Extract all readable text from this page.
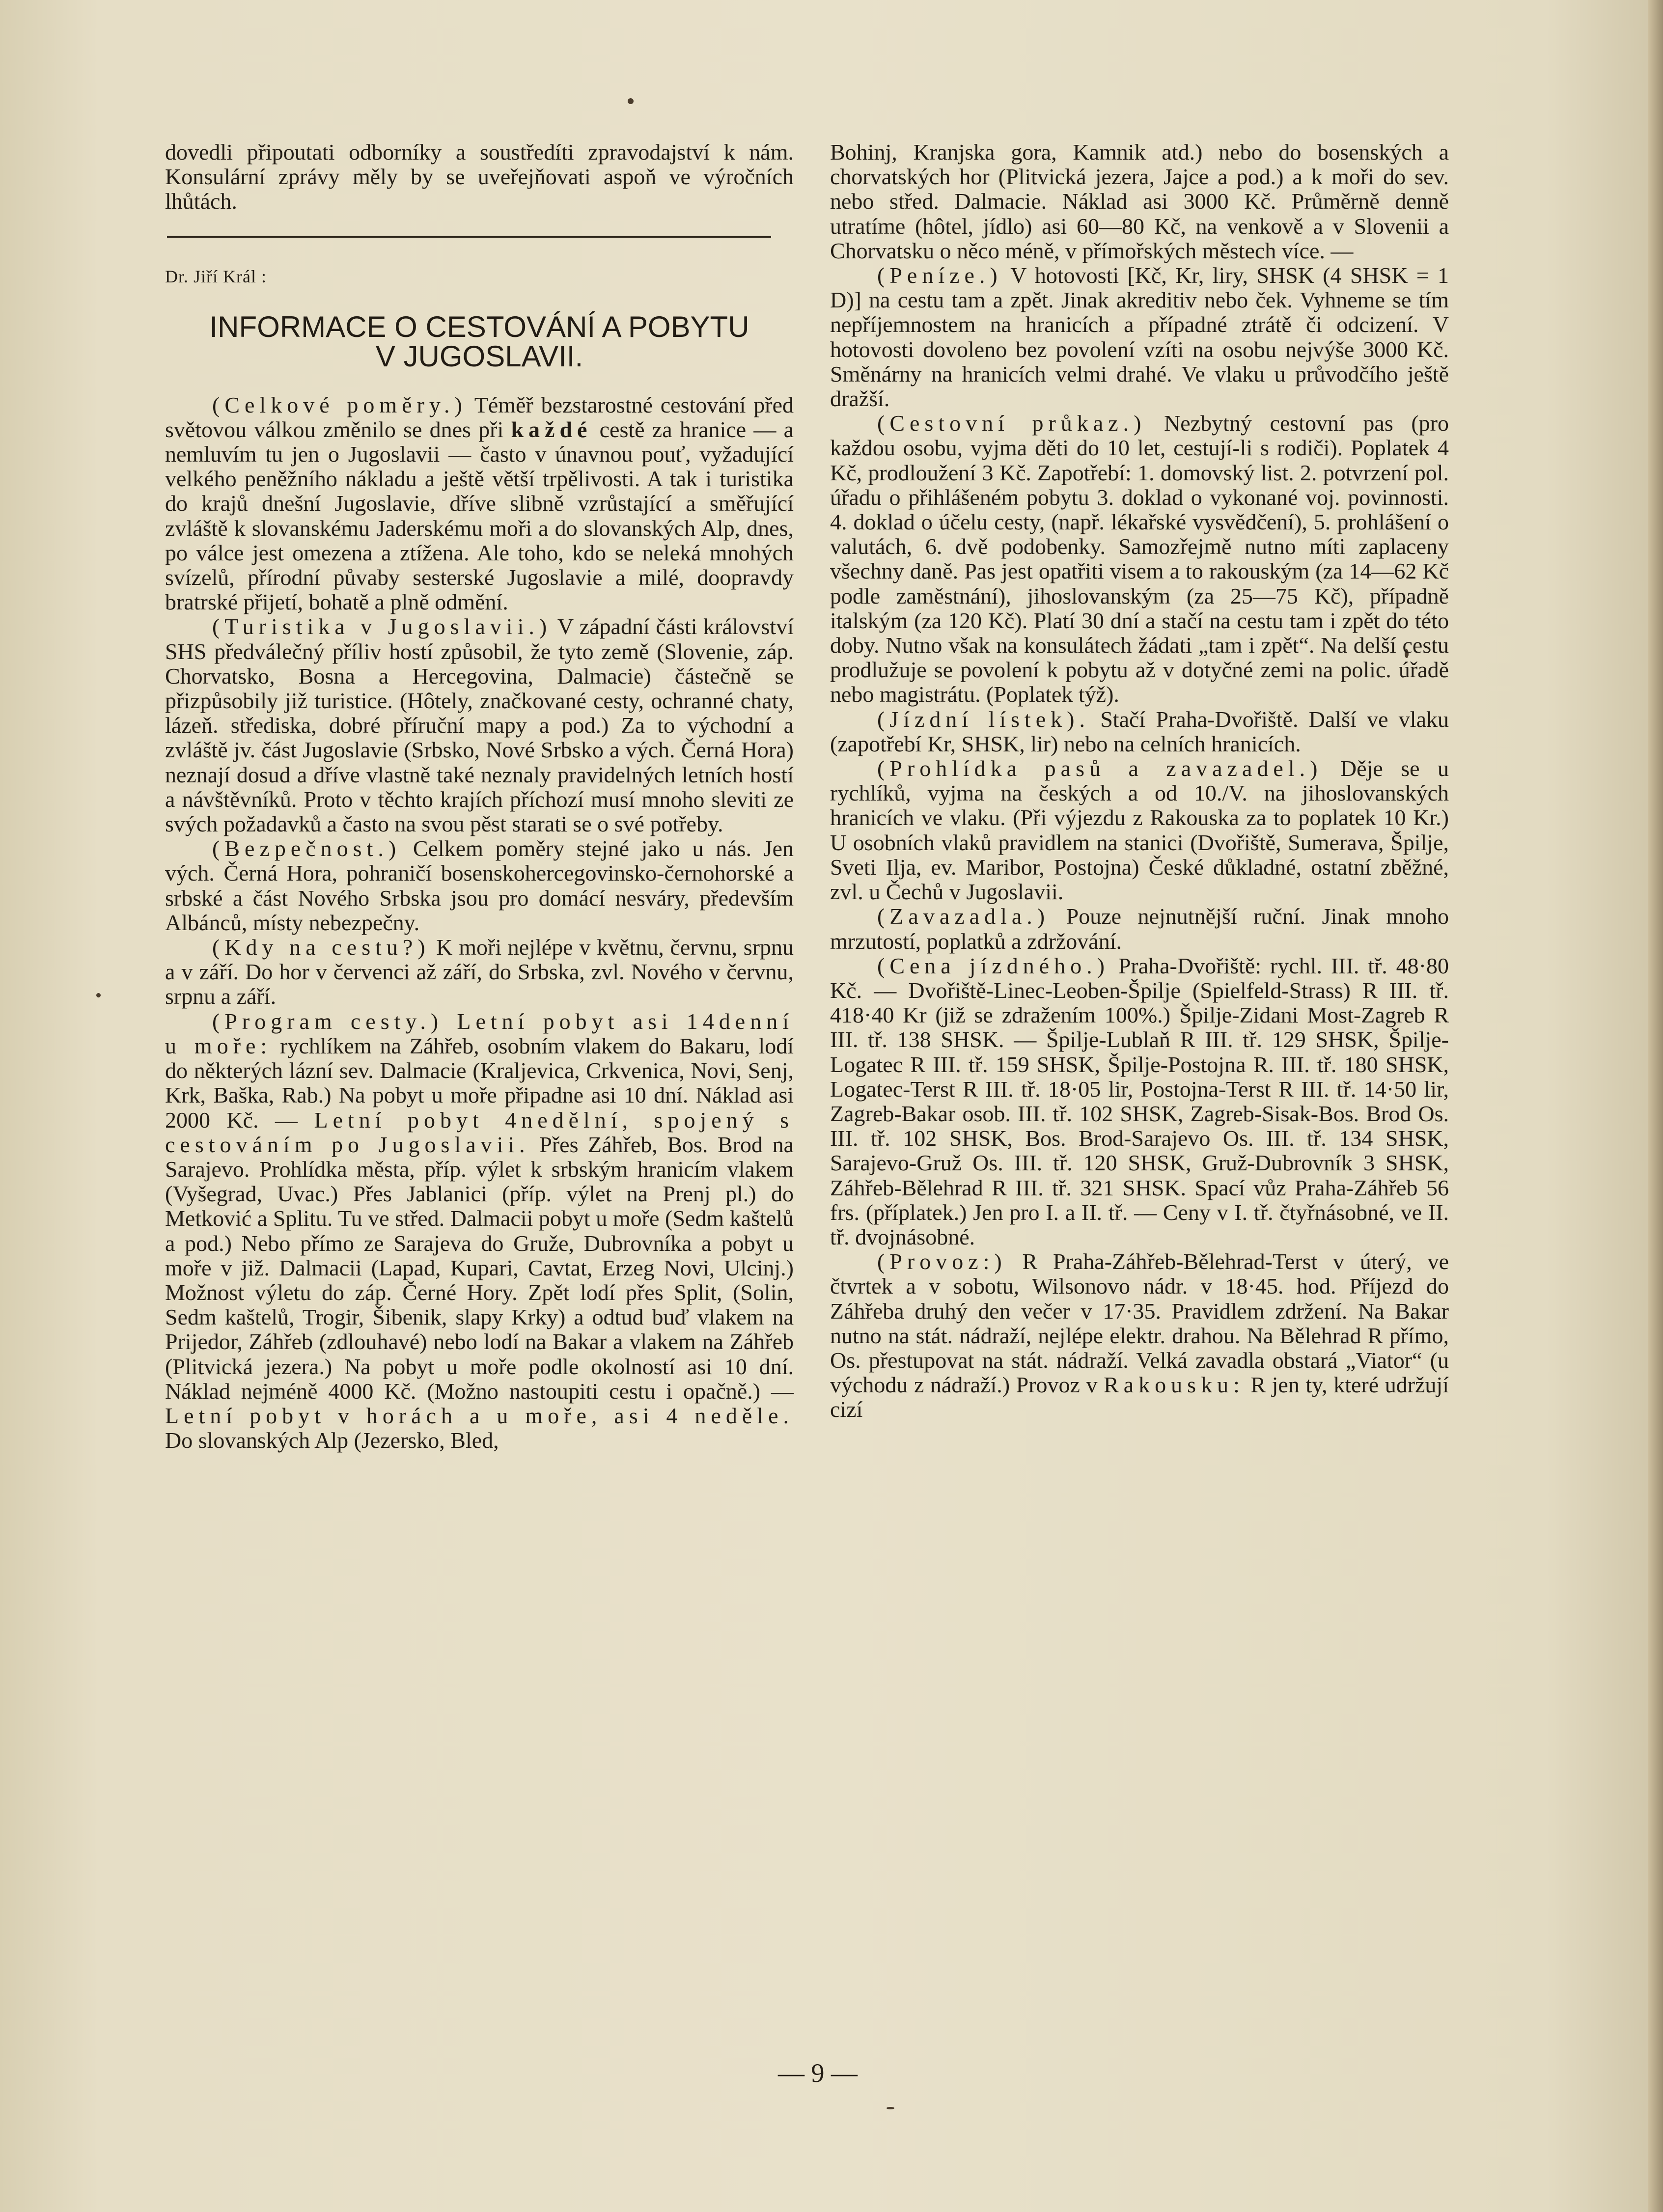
dovedli připoutati odborníky a soustředíti zpravodajství k nám. Konsulární zprávy měly by se uveřejňovati aspoň ve výročních lhůtách.

Dr. Jiří Král :
INFORMACE O CESTOVÁNÍ A POBYTU
V JUGOSLAVII.

(Celkové poměry.) Téměř bezstarostné cestování před světovou válkou změnilo se dnes při každé cestě za hranice — a nemluvím tu jen o Jugoslavii — často v únavnou pouť, vyžadující velkého peněžního nákladu a ještě větší trpělivosti. A tak i turistika do krajů dnešní Jugoslavie, dříve slibně vzrůstající a směřující zvláště k slovanskému Jaderskému moři a do slovanských Alp, dnes, po válce jest omezena a ztížena. Ale toho, kdo se neleká mnohých svízelů, přírodní půvaby sesterské Jugoslavie a milé, doopravdy bratrské přijetí, bohatě a plně odmění.

(Turistika v Jugoslavii.) V západní části království SHS předválečný příliv hostí způsobil, že tyto země (Slovenie, záp. Chorvatsko, Bosna a Hercegovina, Dalmacie) částečně se přizpůsobily již turistice. (Hôtely, značkované cesty, ochranné chaty, lázeň. střediska, dobré příruční mapy a pod.) Za to východní a zvláště jv. část Jugoslavie (Srbsko, Nové Srbsko a vých. Černá Hora) neznají dosud a dříve vlastně také neznaly pravidelných letních hostí a návštěvníků. Proto v těchto krajích příchozí musí mnoho sleviti ze svých požadavků a často na svou pěst starati se o své potřeby.

(Bezpečnost.) Celkem poměry stejné jako u nás. Jen vých. Černá Hora, pohraničí bosenskohercegovinsko-černohorské a srbské a část Nového Srbska jsou pro domácí nesváry, především Albánců, místy nebezpečny.

(Kdy na cestu?) K moři nejlépe v květnu, červnu, srpnu a v září. Do hor v červenci až září, do Srbska, zvl. Nového v červnu, srpnu a září.

(Program cesty.) Letní pobyt asi 14denní u moře: rychlíkem na Záhřeb, osobním vlakem do Bakaru, lodí do některých lázní sev. Dalmacie (Kraljevica, Crkvenica, Novi, Senj, Krk, Baška, Rab.) Na pobyt u moře připadne asi 10 dní. Náklad asi 2000 Kč. — Letní pobyt 4nedělní, spojený s cestováním po Jugoslavii. Přes Záhřeb, Bos. Brod na Sarajevo. Prohlídka města, příp. výlet k srbským hranicím vlakem (Vyšegrad, Uvac.) Přes Jablanici (příp. výlet na Prenj pl.) do Metković a Splitu. Tu ve střed. Dalmacii pobyt u moře (Sedm kaštelů a pod.) Nebo přímo ze Sarajeva do Gruže, Dubrovníka a pobyt u moře v již. Dalmacii (Lapad, Kupari, Cavtat, Erzeg Novi, Ulcinj.) Možnost výletu do záp. Černé Hory. Zpět lodí přes Split, (Solin, Sedm kaštelů, Trogir, Šibenik, slapy Krky) a odtud buď vlakem na Prijedor, Záhřeb (zdlouhavé) nebo lodí na Bakar a vlakem na Záhřeb (Plitvická jezera.) Na pobyt u moře podle okolností asi 10 dní. Náklad nejméně 4000 Kč. (Možno nastoupiti cestu i opačně.) — Letní pobyt v horách a u moře, asi 4 neděle. Do slovanských Alp (Jezersko, Bled,

Bohinj, Kranjska gora, Kamnik atd.) nebo do bosenských a chorvatských hor (Plitvická jezera, Jajce a pod.) a k moři do sev. nebo střed. Dalmacie. Náklad asi 3000 Kč. Průměrně denně utratíme (hôtel, jídlo) asi 60—80 Kč, na venkově a v Slovenii a Chorvatsku o něco méně, v přímořských městech více. —

(Peníze.) V hotovosti [Kč, Kr, liry, SHSK (4 SHSK = 1 D)] na cestu tam a zpět. Jinak akreditiv nebo ček. Vyhneme se tím nepříjemnostem na hranicích a případné ztrátě či odcizení. V hotovosti dovoleno bez povolení vzíti na osobu nejvýše 3000 Kč. Směnárny na hranicích velmi drahé. Ve vlaku u průvodčího ještě dražší.

(Cestovní průkaz.) Nezbytný cestovní pas (pro každou osobu, vyjma děti do 10 let, cestují-li s rodiči). Poplatek 4 Kč, prodloužení 3 Kč. Zapotřebí: 1. domovský list. 2. potvrzení pol. úřadu o přihlášeném pobytu 3. doklad o vykonané voj. povinnosti. 4. doklad o účelu cesty, (např. lékařské vysvědčení), 5. prohlášení o valutách, 6. dvě podobenky. Samozřejmě nutno míti zaplaceny všechny daně. Pas jest opatřiti visem a to rakouským (za 14—62 Kč podle zaměstnání), jihoslovanským (za 25—75 Kč), případně italským (za 120 Kč). Platí 30 dní a stačí na cestu tam i zpět do této doby. Nutno však na konsulátech žádati „tam i zpět“. Na delší cestu prodlužuje se povolení k pobytu až v dotyčné zemi na polic. úřadě nebo magistrátu. (Poplatek týž).

(Jízdní lístek). Stačí Praha-Dvořiště. Další ve vlaku (zapotřebí Kr, SHSK, lir) nebo na celních hranicích.

(Prohlídka pasů a zavazadel.) Děje se u rychlíků, vyjma na českých a od 10./V. na jihoslovanských hranicích ve vlaku. (Při výjezdu z Rakouska za to poplatek 10 Kr.) U osobních vlaků pravidlem na stanici (Dvořiště, Sumerava, Špilje, Sveti Ilja, ev. Maribor, Postojna) České důkladné, ostatní zběžné, zvl. u Čechů v Jugoslavii.

(Zavazadla.) Pouze nejnutnější ruční. Jinak mnoho mrzutostí, poplatků a zdržování.

(Cena jízdného.) Praha-Dvořiště: rychl. III. tř. 48·80 Kč. — Dvořiště-Linec-Leoben-Špilje (Spielfeld-Strass) R III. tř. 418·40 Kr (již se zdražením 100%.) Špilje-Zidani Most-Zagreb R III. tř. 138 SHSK. — Špilje-Lublaň R III. tř. 129 SHSK, Špilje-Logatec R III. tř. 159 SHSK, Špilje-Postojna R. III. tř. 180 SHSK, Logatec-Terst R III. tř. 18·05 lir, Postojna-Terst R III. tř. 14·50 lir, Zagreb-Bakar osob. III. tř. 102 SHSK, Zagreb-Sisak-Bos. Brod Os. III. tř. 102 SHSK, Bos. Brod-Sarajevo Os. III. tř. 134 SHSK, Sarajevo-Gruž Os. III. tř. 120 SHSK, Gruž-Dubrovník 3 SHSK, Záhřeb-Bělehrad R III. tř. 321 SHSK. Spací vůz Praha-Záhřeb 56 frs. (příplatek.) Jen pro I. a II. tř. — Ceny v I. tř. čtyřnásobné, ve II. tř. dvojnásobné.

(Provoz:) R Praha-Záhřeb-Bělehrad-Terst v úterý, ve čtvrtek a v sobotu, Wilsonovo nádr. v 18·45. hod. Příjezd do Záhřeba druhý den večer v 17·35. Pravidlem zdržení. Na Bakar nutno na stát. nádraží, nejlépe elektr. drahou. Na Bělehrad R přímo, Os. přestupovat na stát. nádraží. Velká zavadla obstará „Viator“ (u východu z nádraží.) Provoz v Rakousku: R jen ty, které udržují cizí

— 9 —
